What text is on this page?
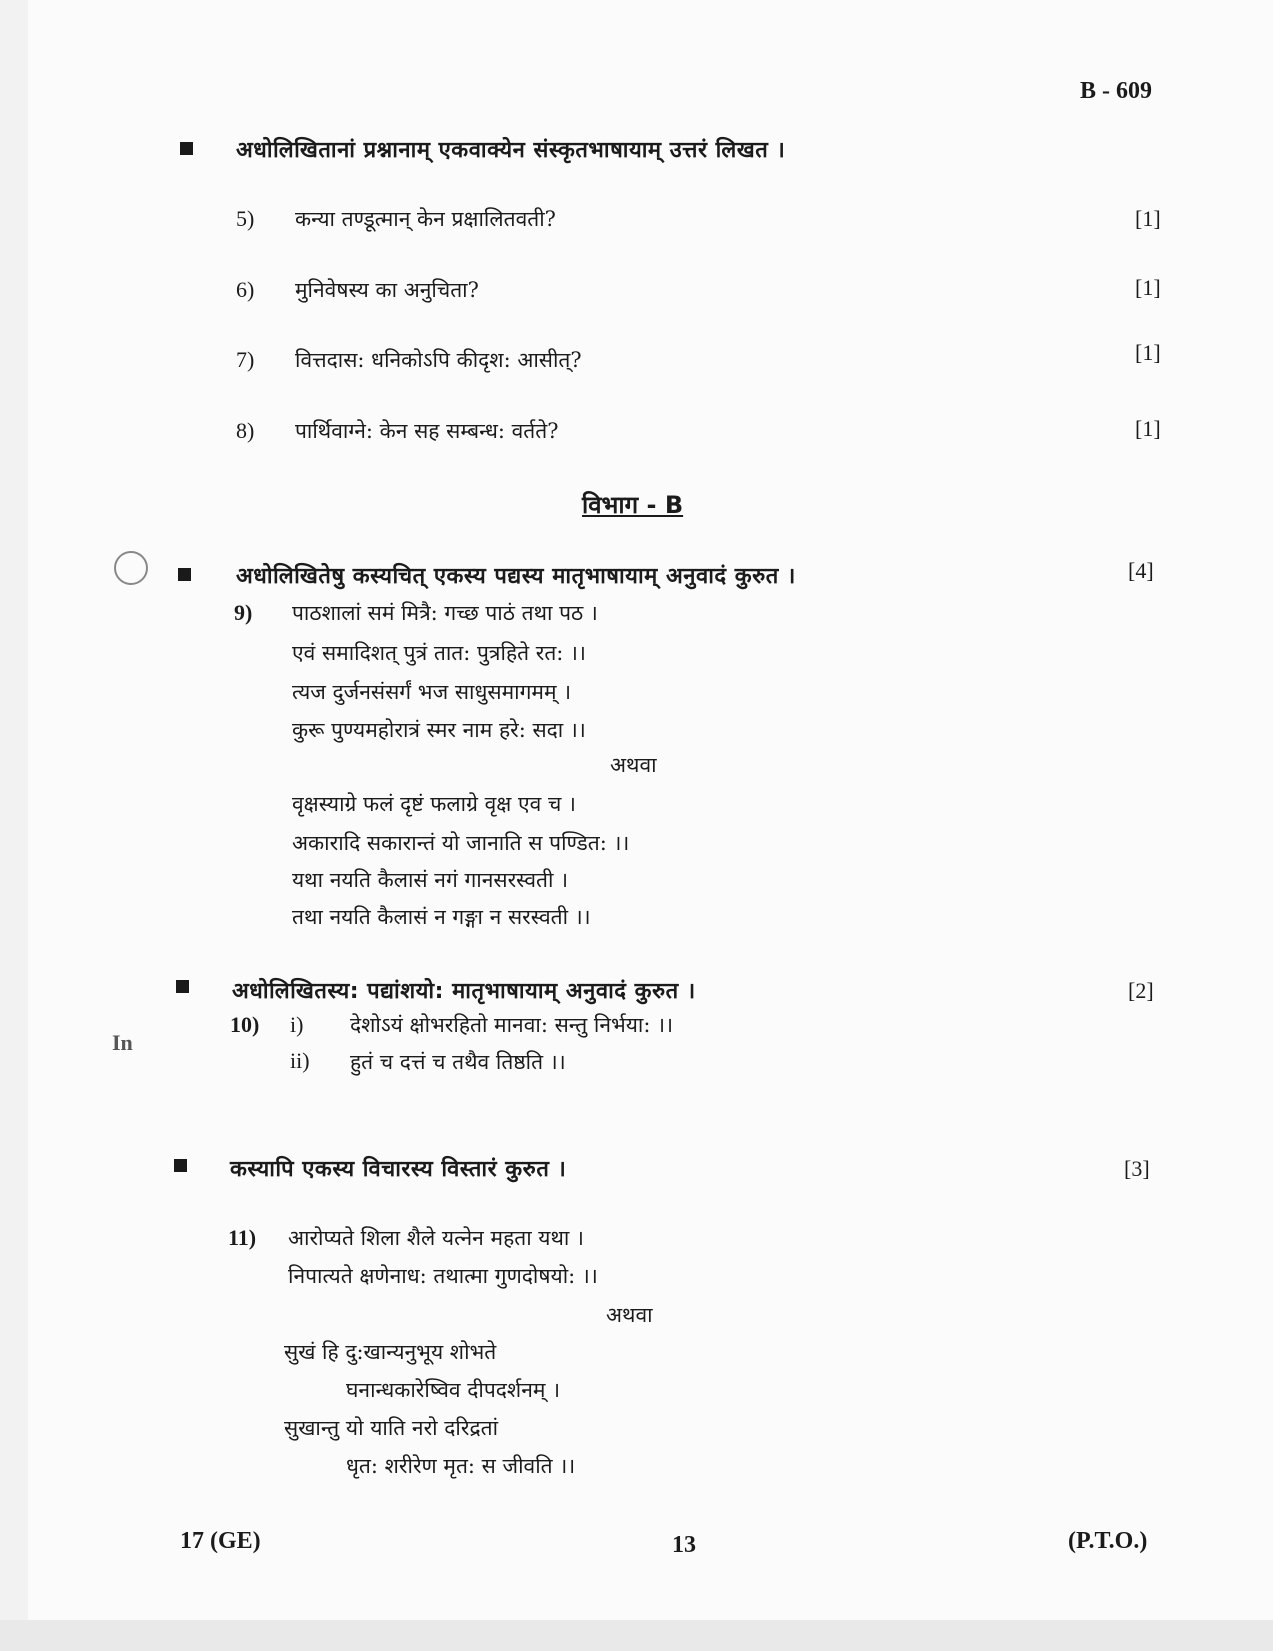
B - 609
अधोलिखितानां प्रश्नानाम् एकवाक्येन संस्कृतभाषायाम् उत्तरं लिखत ।
5) कन्या तण्डूत्मान् केन प्रक्षालितवती?	[1]
6) मुनिवेषस्य का अनुचिता?	[1]
7) वित्तदास: धनिकोऽपि कीदृश: आसीत्?	[1]
8) पार्थिवाग्ने: केन सह सम्बन्ध: वर्तते?	[1]
विभाग - B
अधोलिखितेषु कस्यचित् एकस्य पद्यस्य मातृभाषायाम् अनुवादं कुरुत ।	[4]
9) पाठशालां समं मित्रै: गच्छ पाठं तथा पठ ।
एवं समादिशत् पुत्रं तात: पुत्रहिते रत: ।।
त्यज दुर्जनसंसर्गं भज साधुसमागमम् ।
कुरू पुण्यमहोरात्रं स्मर नाम हरे: सदा ।।
अथवा
वृक्षस्याग्रे फलं दृष्टं फलाग्रे वृक्ष एव च ।
अकारादि सकारान्तं यो जानाति स पण्डित: ।।
यथा नयति कैलासं नगं गानसरस्वती ।
तथा नयति कैलासं न गङ्गा न सरस्वती ।।
अधोलिखितस्य: पद्यांशयो: मातृभाषायाम् अनुवादं कुरुत ।	[2]
In
10) i) देशोऽयं क्षोभरहितो मानवा: सन्तु निर्भया: ।।
ii) हुतं च दत्तं च तथैव तिष्ठति ।।
कस्यापि एकस्य विचारस्य विस्तारं कुरुत ।	[3]
11) आरोप्यते शिला शैले यत्नेन महता यथा ।
निपात्यते क्षणेनाध: तथात्मा गुणदोषयो: ।।
अथवा
सुखं हि दु:खान्यनुभूय शोभते
घनान्धकारेष्विव दीपदर्शनम् ।
सुखान्तु यो याति नरो दरिद्रतां
धृत: शरीरेण मृत: स जीवति ।।
17 (GE)	13	(P.T.O.)
